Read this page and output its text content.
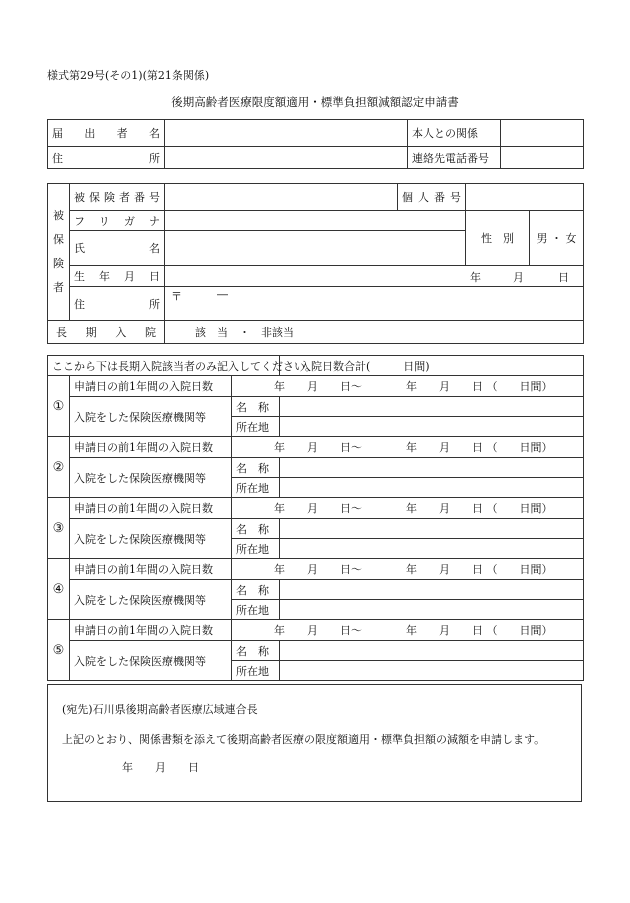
様式第29号(その1)(第21条関係)
後期高齢者医療限度額適用・標準負担額減額認定申請書
届　出　者　名		本人との関係	

住　　　所		連絡先電話番号	
被
保
険
者	被保険者番号		個人番号		

	フリガナ			性　別	男 ・ 女

	氏　　　名				

	生　年　月　日	年 月 日			

	住　　　所	〒 ―			

長　期　入　院		該　当　・　非該当			
ここから下は長期入院該当者のみ記入してください。			入院日数合計(　　　日間)
①	申請日の前1年間の入院日数	年　　月　　日～　　　　年　　月　　日 （　　日間）	
	入院をした保険医療機関等	名　称	
		所在地	
②	申請日の前1年間の入院日数	年　　月　　日～　　　　年　　月　　日 （　　日間）	
	入院をした保険医療機関等	名　称	
		所在地	
③	申請日の前1年間の入院日数	年　　月　　日～　　　　年　　月　　日 （　　日間）	
	入院をした保険医療機関等	名　称	
		所在地	
④	申請日の前1年間の入院日数	年　　月　　日～　　　　年　　月　　日 （　　日間）	
	入院をした保険医療機関等	名　称	
		所在地	
⑤	申請日の前1年間の入院日数	年　　月　　日～　　　　年　　月　　日 （　　日間）	
	入院をした保険医療機関等	名　称	
		所在地	
(宛先)石川県後期高齢者医療広域連合長
上記のとおり、関係書類を添えて後期高齢者医療の限度額適用・標準負担額の減額を申請します。
年　　月　　日
